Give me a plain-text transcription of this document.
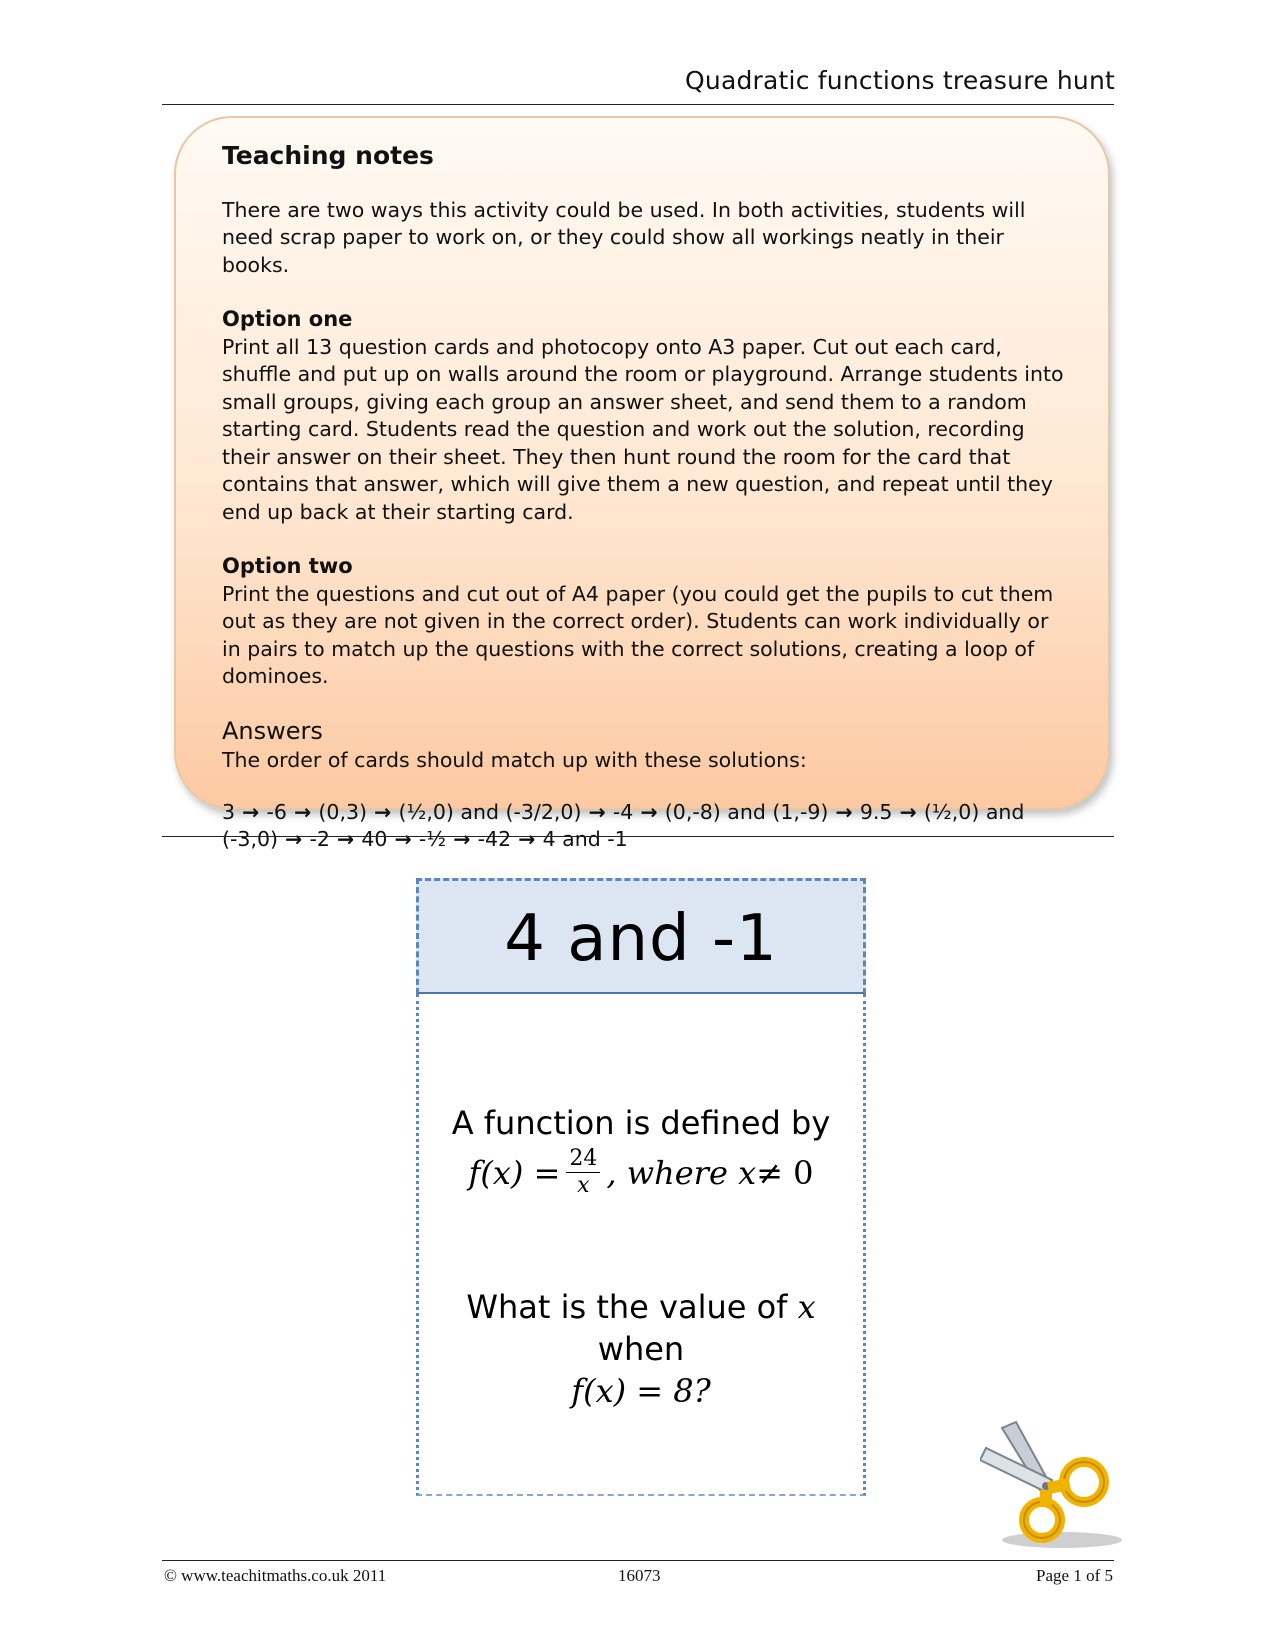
Quadratic functions treasure hunt
Teaching notes
There are two ways this activity could be used. In both activities, students will need scrap paper to work on, or they could show all workings neatly in their books.
Option one
Print all 13 question cards and photocopy onto A3 paper. Cut out each card, shuffle and put up on walls around the room or playground. Arrange students into small groups, giving each group an answer sheet, and send them to a random starting card. Students read the question and work out the solution, recording their answer on their sheet. They then hunt round the room for the card that contains that answer, which will give them a new question, and repeat until they end up back at their starting card.
Option two
Print the questions and cut out of A4 paper (you could get the pupils to cut them out as they are not given in the correct order). Students can work individually or in pairs to match up the questions with the correct solutions, creating a loop of dominoes.
Answers
The order of cards should match up with these solutions:
3 → -6 → (0,3) → (½,0) and (-3/2,0) → -4 → (0,-8) and (1,-9) → 9.5 → (½,0) and (-3,0) → -2 → 40 → -½ → -42 → 4 and -1
4 and -1
A function is defined by
$f(x) = \frac{24}{x}$ , where x ≠ 0
What is the value of x when
f(x) = 8?
© www.teachitmaths.co.uk 2011	16073	Page 1 of 5
